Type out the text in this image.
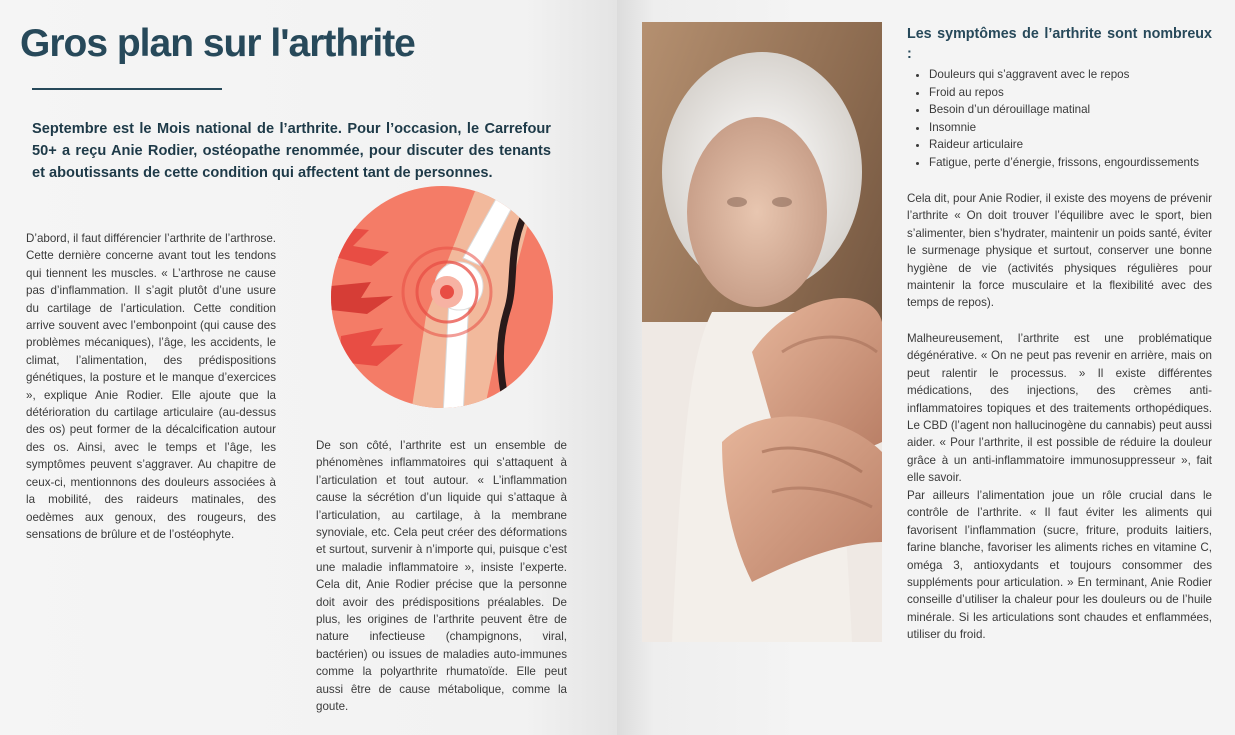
Gros plan sur l'arthrite

Septembre est le Mois national de l’arthrite. Pour l’occasion, le Carrefour 50+ a reçu Anie Rodier, ostéopathe renommée, pour discuter des tenants et aboutissants de cette condition qui affectent tant de personnes.

D’abord, il faut différencier l’arthrite de l’arthrose. Cette dernière concerne avant tout les tendons qui tiennent les muscles. « L’arthrose ne cause pas d’inflammation. Il s’agit plutôt d’une usure du cartilage de l’articulation. Cette condition arrive souvent avec l’embonpoint (qui cause des problèmes mécaniques), l’âge, les accidents, le climat, l’alimentation, des prédispositions génétiques, la posture et le manque d’exercices », explique Anie Rodier. Elle ajoute que la détérioration du cartilage articulaire (au-dessus des os) peut former de la décalcification autour des os. Ainsi, avec le temps et l’âge, les symptômes peuvent s’aggraver. Au chapitre de ceux-ci, mentionnons des douleurs associées à la mobilité, des raideurs matinales, des oedèmes aux genoux, des rougeurs, des sensations de brûlure et de l’ostéophyte.

De son côté, l’arthrite est un ensemble de phénomènes inflammatoires qui s’attaquent à l’articulation et tout autour. « L’inflammation cause la sécrétion d’un liquide qui s’attaque à l’articulation, au cartilage, à la membrane synoviale, etc. Cela peut créer des déformations et surtout, survenir à n’importe qui, puisque c’est une maladie inflammatoire », insiste l’experte. Cela dit, Anie Rodier précise que la personne doit avoir des prédispositions préalables. De plus, les origines de l’arthrite peuvent être de nature infectieuse (champignons, viral, bactérien) ou issues de maladies auto-immunes comme la polyarthrite rhumatoïde. Elle peut aussi être de cause métabolique, comme la goute.

Les symptômes de l’arthrite sont nombreux :

• Douleurs qui s’aggravent avec le repos
• Froid au repos
• Besoin d’un dérouillage matinal
• Insomnie
• Raideur articulaire
• Fatigue, perte d’énergie, frissons, engourdissements

Cela dit, pour Anie Rodier, il existe des moyens de prévenir l’arthrite « On doit trouver l’équilibre avec le sport, bien s’alimenter, bien s’hydrater, maintenir un poids santé, éviter le surmenage physique et surtout, conserver une bonne hygiène de vie (activités physiques régulières pour maintenir la force musculaire et la flexibilité avec des temps de repos).

Malheureusement, l’arthrite est une problématique dégénérative. « On ne peut pas revenir en arrière, mais on peut ralentir le processus. » Il existe différentes médications, des injections, des crèmes anti-inflammatoires topiques et des traitements orthopédiques. Le CBD (l’agent non hallucinogène du cannabis) peut aussi aider. « Pour l’arthrite, il est possible de réduire la douleur grâce à un anti-inflammatoire immunosuppresseur », fait elle savoir.

Par ailleurs l’alimentation joue un rôle crucial dans le contrôle de l’arthrite. « Il faut éviter les aliments qui favorisent l’inflammation (sucre, friture, produits laitiers, farine blanche, favoriser les aliments riches en vitamine C, oméga 3, antioxydants et toujours consommer des suppléments pour articulation. » En terminant, Anie Rodier conseille d’utiliser la chaleur pour les douleurs ou de l’huile minérale. Si les articulations sont chaudes et enflammées, utiliser du froid.
